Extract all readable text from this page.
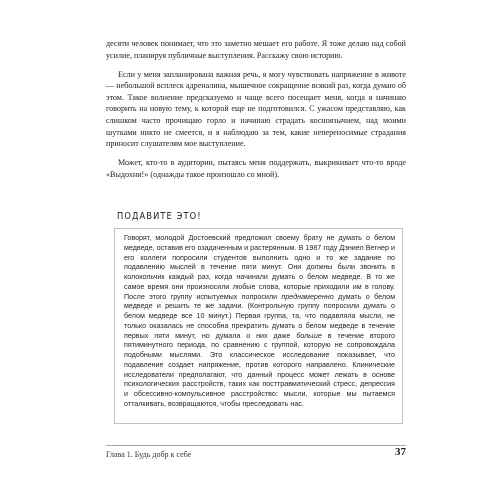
десяти человек понимает, что это заметно мешает его работе. Я тоже делаю над собой усилие, планируя публичные выступления. Расскажу свою историю.

Если у меня запланирована важная речь, я могу чувствовать напряжение в животе — небольшой всплеск адреналина, мышечное сокращение всякий раз, когда думаю об этом. Такое волнение предсказуемо и чаще всего посещает меня, когда я начинаю говорить на новую тему, к которой еще не подготовился. С ужасом представляю, как слишком часто прочищаю горло и начинаю страдать косноязычием, над моими шутками никто не смеется, и я наблюдаю за тем, какие непереносимые страдания приносит слушателям мое выступление.

Может, кто-то в аудитории, пытаясь меня поддержать, выкрикивает что-то вроде «Выдохни!» (однажды такое произошло со мной).

ПОДАВИТЕ ЭТО!
Говорят, молодой Достоевский предложил своему брату не думать о белом медведе, оставив его озадаченным и растерянным. В 1987 году Дэниел Вегнер и его коллеги попросили студентов выполнить одно и то же задание по подавлению мыслей в течение пяти минут. Они должны были звонить в колокольчик каждый раз, когда начинали думать о белом медведе. В то же самое время они произносили любые слова, которые приходили им в голову. После этого группу испытуемых попросили преднамеренно думать о белом медведе и решить те же задачи. (Контрольную группу попросили думать о белом медведе все 10 минут.) Первая группа, та, что подавляла мысли, не только оказалась не способна прекратить думать о белом медведе в течение первых пяти минут, но думала о них даже больше в течение второго пятиминутного периода, по сравнению с группой, которую не сопровождала подобными мыслями. Это классическое исследование показывает, что подавление создает напряжение, против которого направлено. Клинические исследователи предполагают, что данный процесс может лежать в основе психологических расстройств, таких как посттравматический стресс, депрессия и обсессивно-компульсивное расстройство: мысли, которые мы пытаемся отталкивать, возвращаются, чтобы преследовать нас.
Глава 1. Будь добр к себе	37
